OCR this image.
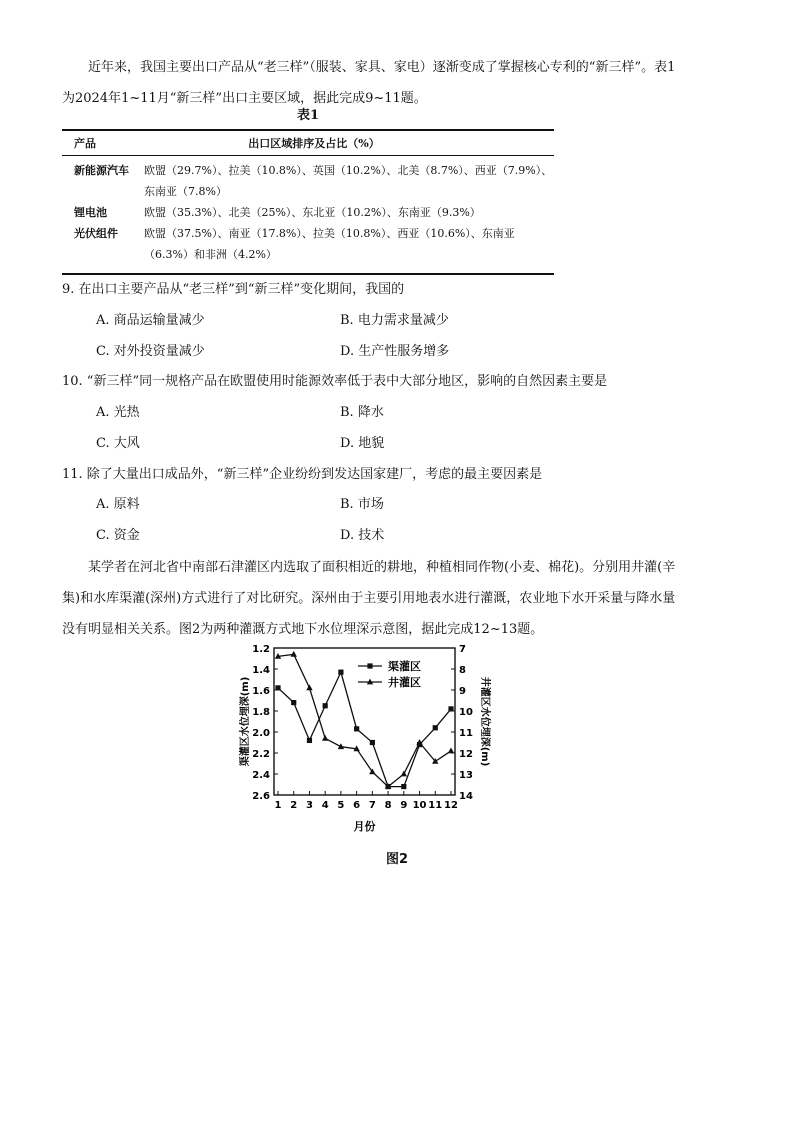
近年来，我国主要出口产品从“老三样”（服装、家具、家电）逐渐变成了掌握核心专利的“新三样”。表1为2024年1~11月“新三样”出口主要区域，据此完成9~11题。

表1
产品	出口区域排序及占比（%）
新能源汽车	欧盟（29.7%）、拉美（10.8%）、英国（10.2%）、北美（8.7%）、西亚（7.9%）、东南亚（7.8%）
锂电池	欧盟（35.3%）、北美（25%）、东北亚（10.2%）、东南亚（9.3%）
光伏组件	欧盟（37.5%）、南亚（17.8%）、拉美（10.8%）、西亚（10.6%）、东南亚（6.3%）和非洲（4.2%）

9. 在出口主要产品从“老三样”到“新三样”变化期间，我国的

A. 商品运输量减少	B. 电力需求量减少

C. 对外投资量减少	D. 生产性服务增多

10. “新三样”同一规格产品在欧盟使用时能源效率低于表中大部分地区，影响的自然因素主要是

A. 光热	B. 降水

C. 大风	D. 地貌

11. 除了大量出口成品外，“新三样”企业纷纷到发达国家建厂，考虑的最主要因素是

A. 原料	B. 市场

C. 资金	D. 技术

某学者在河北省中南部石津灌区内选取了面积相近的耕地，种植相同作物(小麦、棉花)。分别用井灌(辛集)和水库渠灌(深州)方式进行了对比研究。深州由于主要引用地表水进行灌溉，农业地下水开采量与降水量没有明显相关关系。图2为两种灌溉方式地下水位埋深示意图，据此完成12~13题。

1.2
1.4
1.6
1.8
2.0
2.2
2.4
2.6
7
8
9
10
11
12
13
14
1 2 3 4 5 6 7 8 9 10 11 12
渠灌区
井灌区
月份
渠灌区水位埋深(m)	井灌区水位埋深(m)
图2
